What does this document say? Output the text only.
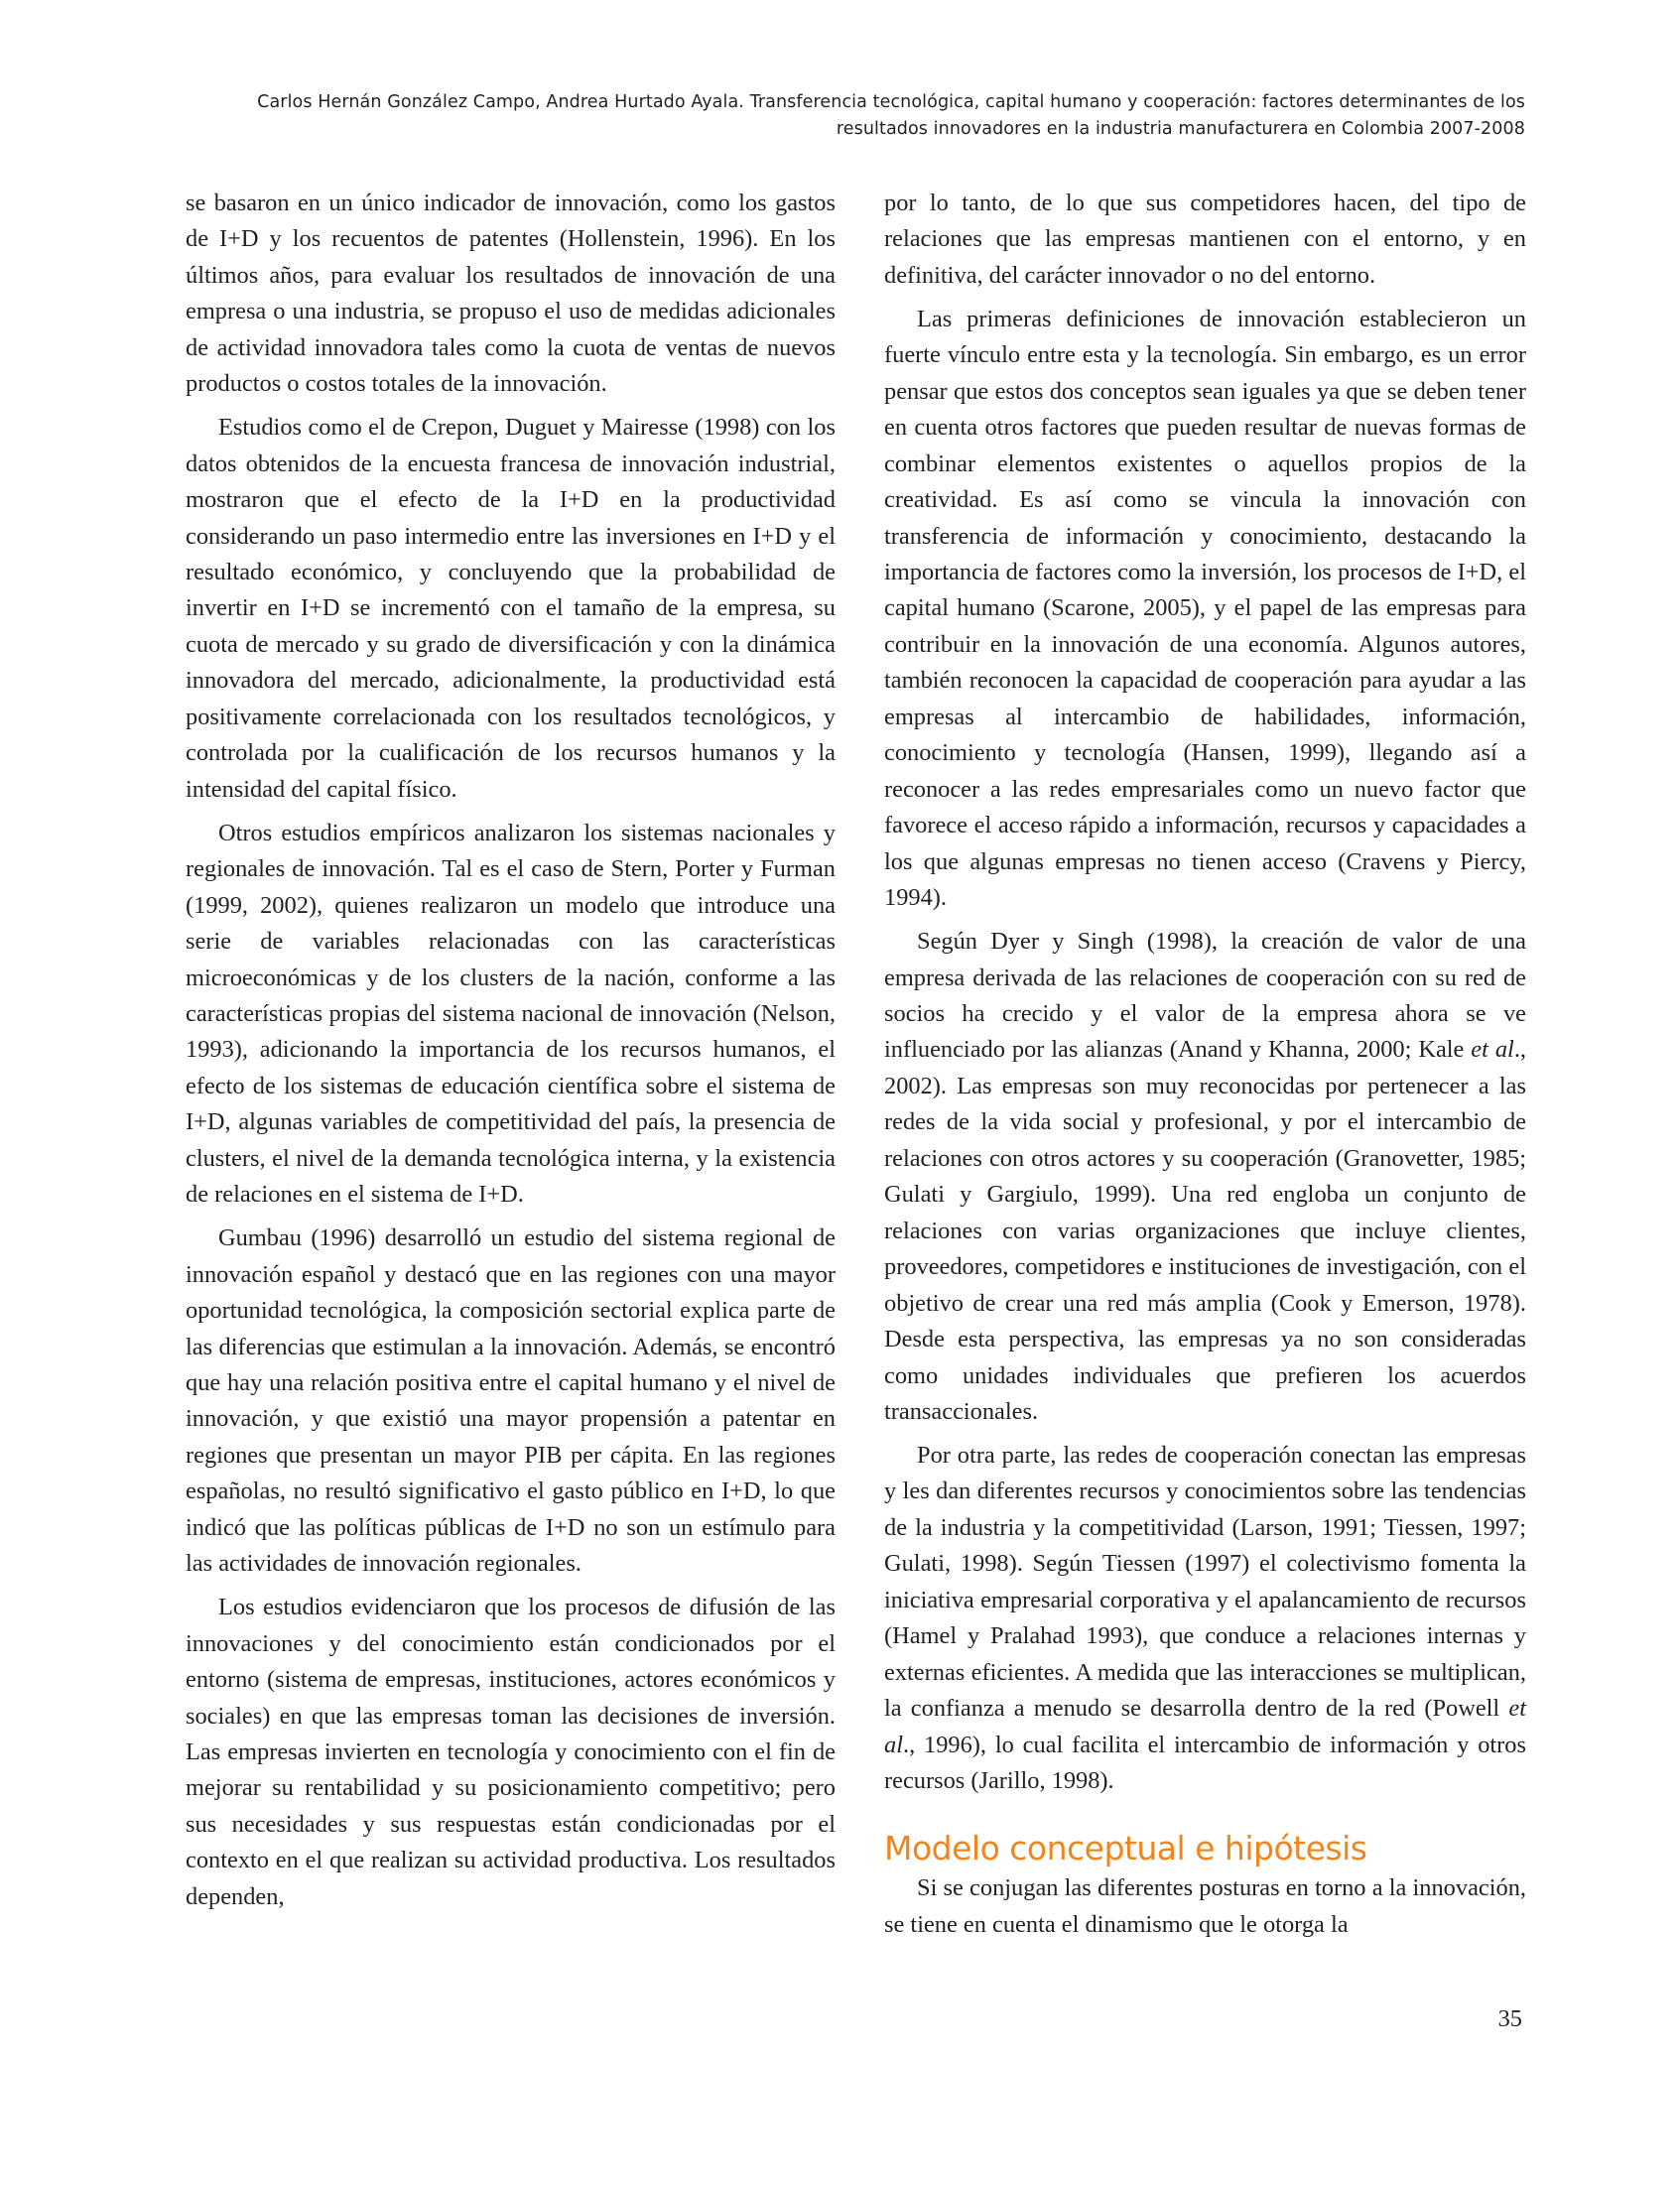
Carlos Hernán González Campo, Andrea Hurtado Ayala. Transferencia tecnológica, capital humano y cooperación: factores determinantes de los
resultados innovadores en la industria manufacturera en Colombia 2007-2008

se basaron en un único indicador de innovación, como los gastos de I+D y los recuentos de patentes (Hollenstein, 1996). En los últimos años, para evaluar los resultados de innovación de una empresa o una industria, se propuso el uso de medidas adicionales de actividad innovadora tales como la cuota de ventas de nuevos productos o costos totales de la innovación.

Estudios como el de Crepon, Duguet y Mairesse (1998) con los datos obtenidos de la encuesta francesa de innovación industrial, mostraron que el efecto de la I+D en la productividad considerando un paso intermedio entre las inversiones en I+D y el resultado económico, y concluyendo que la probabilidad de invertir en I+D se incrementó con el tamaño de la empresa, su cuota de mercado y su grado de diversificación y con la dinámica innovadora del mercado, adicionalmente, la productividad está positivamente correlacionada con los resultados tecnológicos, y controlada por la cualificación de los recursos humanos y la intensidad del capital físico.

Otros estudios empíricos analizaron los sistemas nacionales y regionales de innovación. Tal es el caso de Stern, Porter y Furman (1999, 2002), quienes realizaron un modelo que introduce una serie de variables relacionadas con las características microeconómicas y de los clusters de la nación, conforme a las características propias del sistema nacional de innovación (Nelson, 1993), adicionando la importancia de los recursos humanos, el efecto de los sistemas de educación científica sobre el sistema de I+D, algunas variables de competitividad del país, la presencia de clusters, el nivel de la demanda tecnológica interna, y la existencia de relaciones en el sistema de I+D.

Gumbau (1996) desarrolló un estudio del sistema regional de innovación español y destacó que en las regiones con una mayor oportunidad tecnológica, la composición sectorial explica parte de las diferencias que estimulan a la innovación. Además, se encontró que hay una relación positiva entre el capital humano y el nivel de innovación, y que existió una mayor propensión a patentar en regiones que presentan un mayor PIB per cápita. En las regiones españolas, no resultó significativo el gasto público en I+D, lo que indicó que las políticas públicas de I+D no son un estímulo para las actividades de innovación regionales.

Los estudios evidenciaron que los procesos de difusión de las innovaciones y del conocimiento están condicionados por el entorno (sistema de empresas, instituciones, actores económicos y sociales) en que las empresas toman las decisiones de inversión. Las empresas invierten en tecnología y conocimiento con el fin de mejorar su rentabilidad y su posicionamiento competitivo; pero sus necesidades y sus respuestas están condicionadas por el contexto en el que realizan su actividad productiva. Los resultados dependen,

por lo tanto, de lo que sus competidores hacen, del tipo de relaciones que las empresas mantienen con el entorno, y en definitiva, del carácter innovador o no del entorno.

Las primeras definiciones de innovación establecieron un fuerte vínculo entre esta y la tecnología. Sin embargo, es un error pensar que estos dos conceptos sean iguales ya que se deben tener en cuenta otros factores que pueden resultar de nuevas formas de combinar elementos existentes o aquellos propios de la creatividad. Es así como se vincula la innovación con transferencia de información y conocimiento, destacando la importancia de factores como la inversión, los procesos de I+D, el capital humano (Scarone, 2005), y el papel de las empresas para contribuir en la innovación de una economía. Algunos autores, también reconocen la capacidad de cooperación para ayudar a las empresas al intercambio de habilidades, información, conocimiento y tecnología (Hansen, 1999), llegando así a reconocer a las redes empresariales como un nuevo factor que favorece el acceso rápido a información, recursos y capacidades a los que algunas empresas no tienen acceso (Cravens y Piercy, 1994).

Según Dyer y Singh (1998), la creación de valor de una empresa derivada de las relaciones de cooperación con su red de socios ha crecido y el valor de la empresa ahora se ve influenciado por las alianzas (Anand y Khanna, 2000; Kale et al., 2002). Las empresas son muy reconocidas por pertenecer a las redes de la vida social y profesional, y por el intercambio de relaciones con otros actores y su cooperación (Granovetter, 1985; Gulati y Gargiulo, 1999). Una red engloba un conjunto de relaciones con varias organizaciones que incluye clientes, proveedores, competidores e instituciones de investigación, con el objetivo de crear una red más amplia (Cook y Emerson, 1978). Desde esta perspectiva, las empresas ya no son consideradas como unidades individuales que prefieren los acuerdos transaccionales.

Por otra parte, las redes de cooperación conectan las empresas y les dan diferentes recursos y conocimientos sobre las tendencias de la industria y la competitividad (Larson, 1991; Tiessen, 1997; Gulati, 1998). Según Tiessen (1997) el colectivismo fomenta la iniciativa empresarial corporativa y el apalancamiento de recursos (Hamel y Pralahad 1993), que conduce a relaciones internas y externas eficientes. A medida que las interacciones se multiplican, la confianza a menudo se desarrolla dentro de la red (Powell et al., 1996), lo cual facilita el intercambio de información y otros recursos (Jarillo, 1998).

Modelo conceptual e hipótesis

Si se conjugan las diferentes posturas en torno a la innovación, se tiene en cuenta el dinamismo que le otorga la

35
